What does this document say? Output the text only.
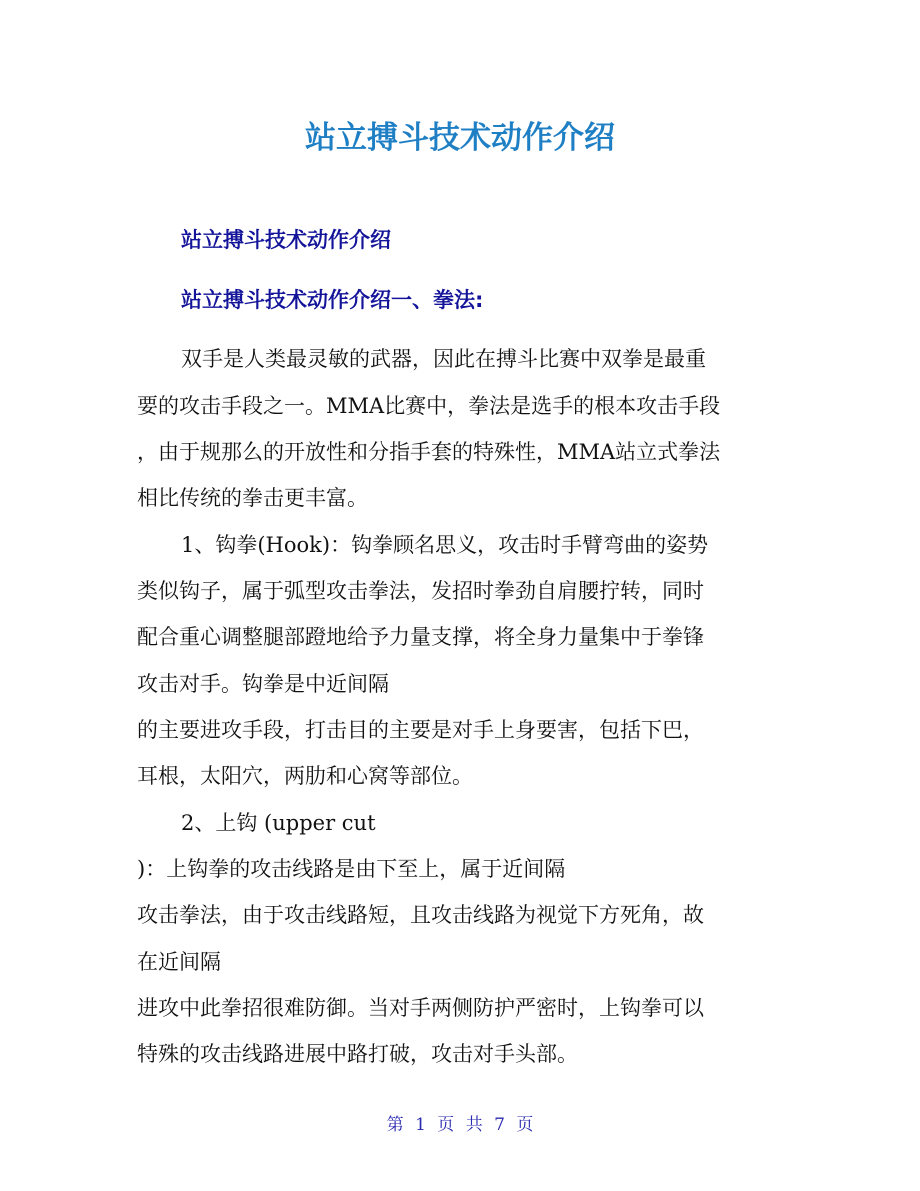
站立搏斗技术动作介绍
站立搏斗技术动作介绍
站立搏斗技术动作介绍一、拳法:

双手是人类最灵敏的武器，因此在搏斗比赛中双拳是最重

要的攻击手段之一。MMA比赛中，拳法是选手的根本攻击手段

，由于规那么的开放性和分指手套的特殊性，MMA站立式拳法

相比传统的拳击更丰富。

1、钩拳(Hook)：钩拳顾名思义，攻击时手臂弯曲的姿势

类似钩子，属于弧型攻击拳法，发招时拳劲自肩腰拧转，同时

配合重心调整腿部蹬地给予力量支撑，将全身力量集中于拳锋

攻击对手。钩拳是中近间隔

的主要进攻手段，打击目的主要是对手上身要害，包括下巴，

耳根，太阳穴，两肋和心窝等部位。

2、上钩 (upper cut

)：上钩拳的攻击线路是由下至上，属于近间隔

攻击拳法，由于攻击线路短，且攻击线路为视觉下方死角，故

在近间隔

进攻中此拳招很难防御。当对手两侧防护严密时，上钩拳可以

特殊的攻击线路进展中路打破，攻击对手头部。

第 1 页 共 7 页
